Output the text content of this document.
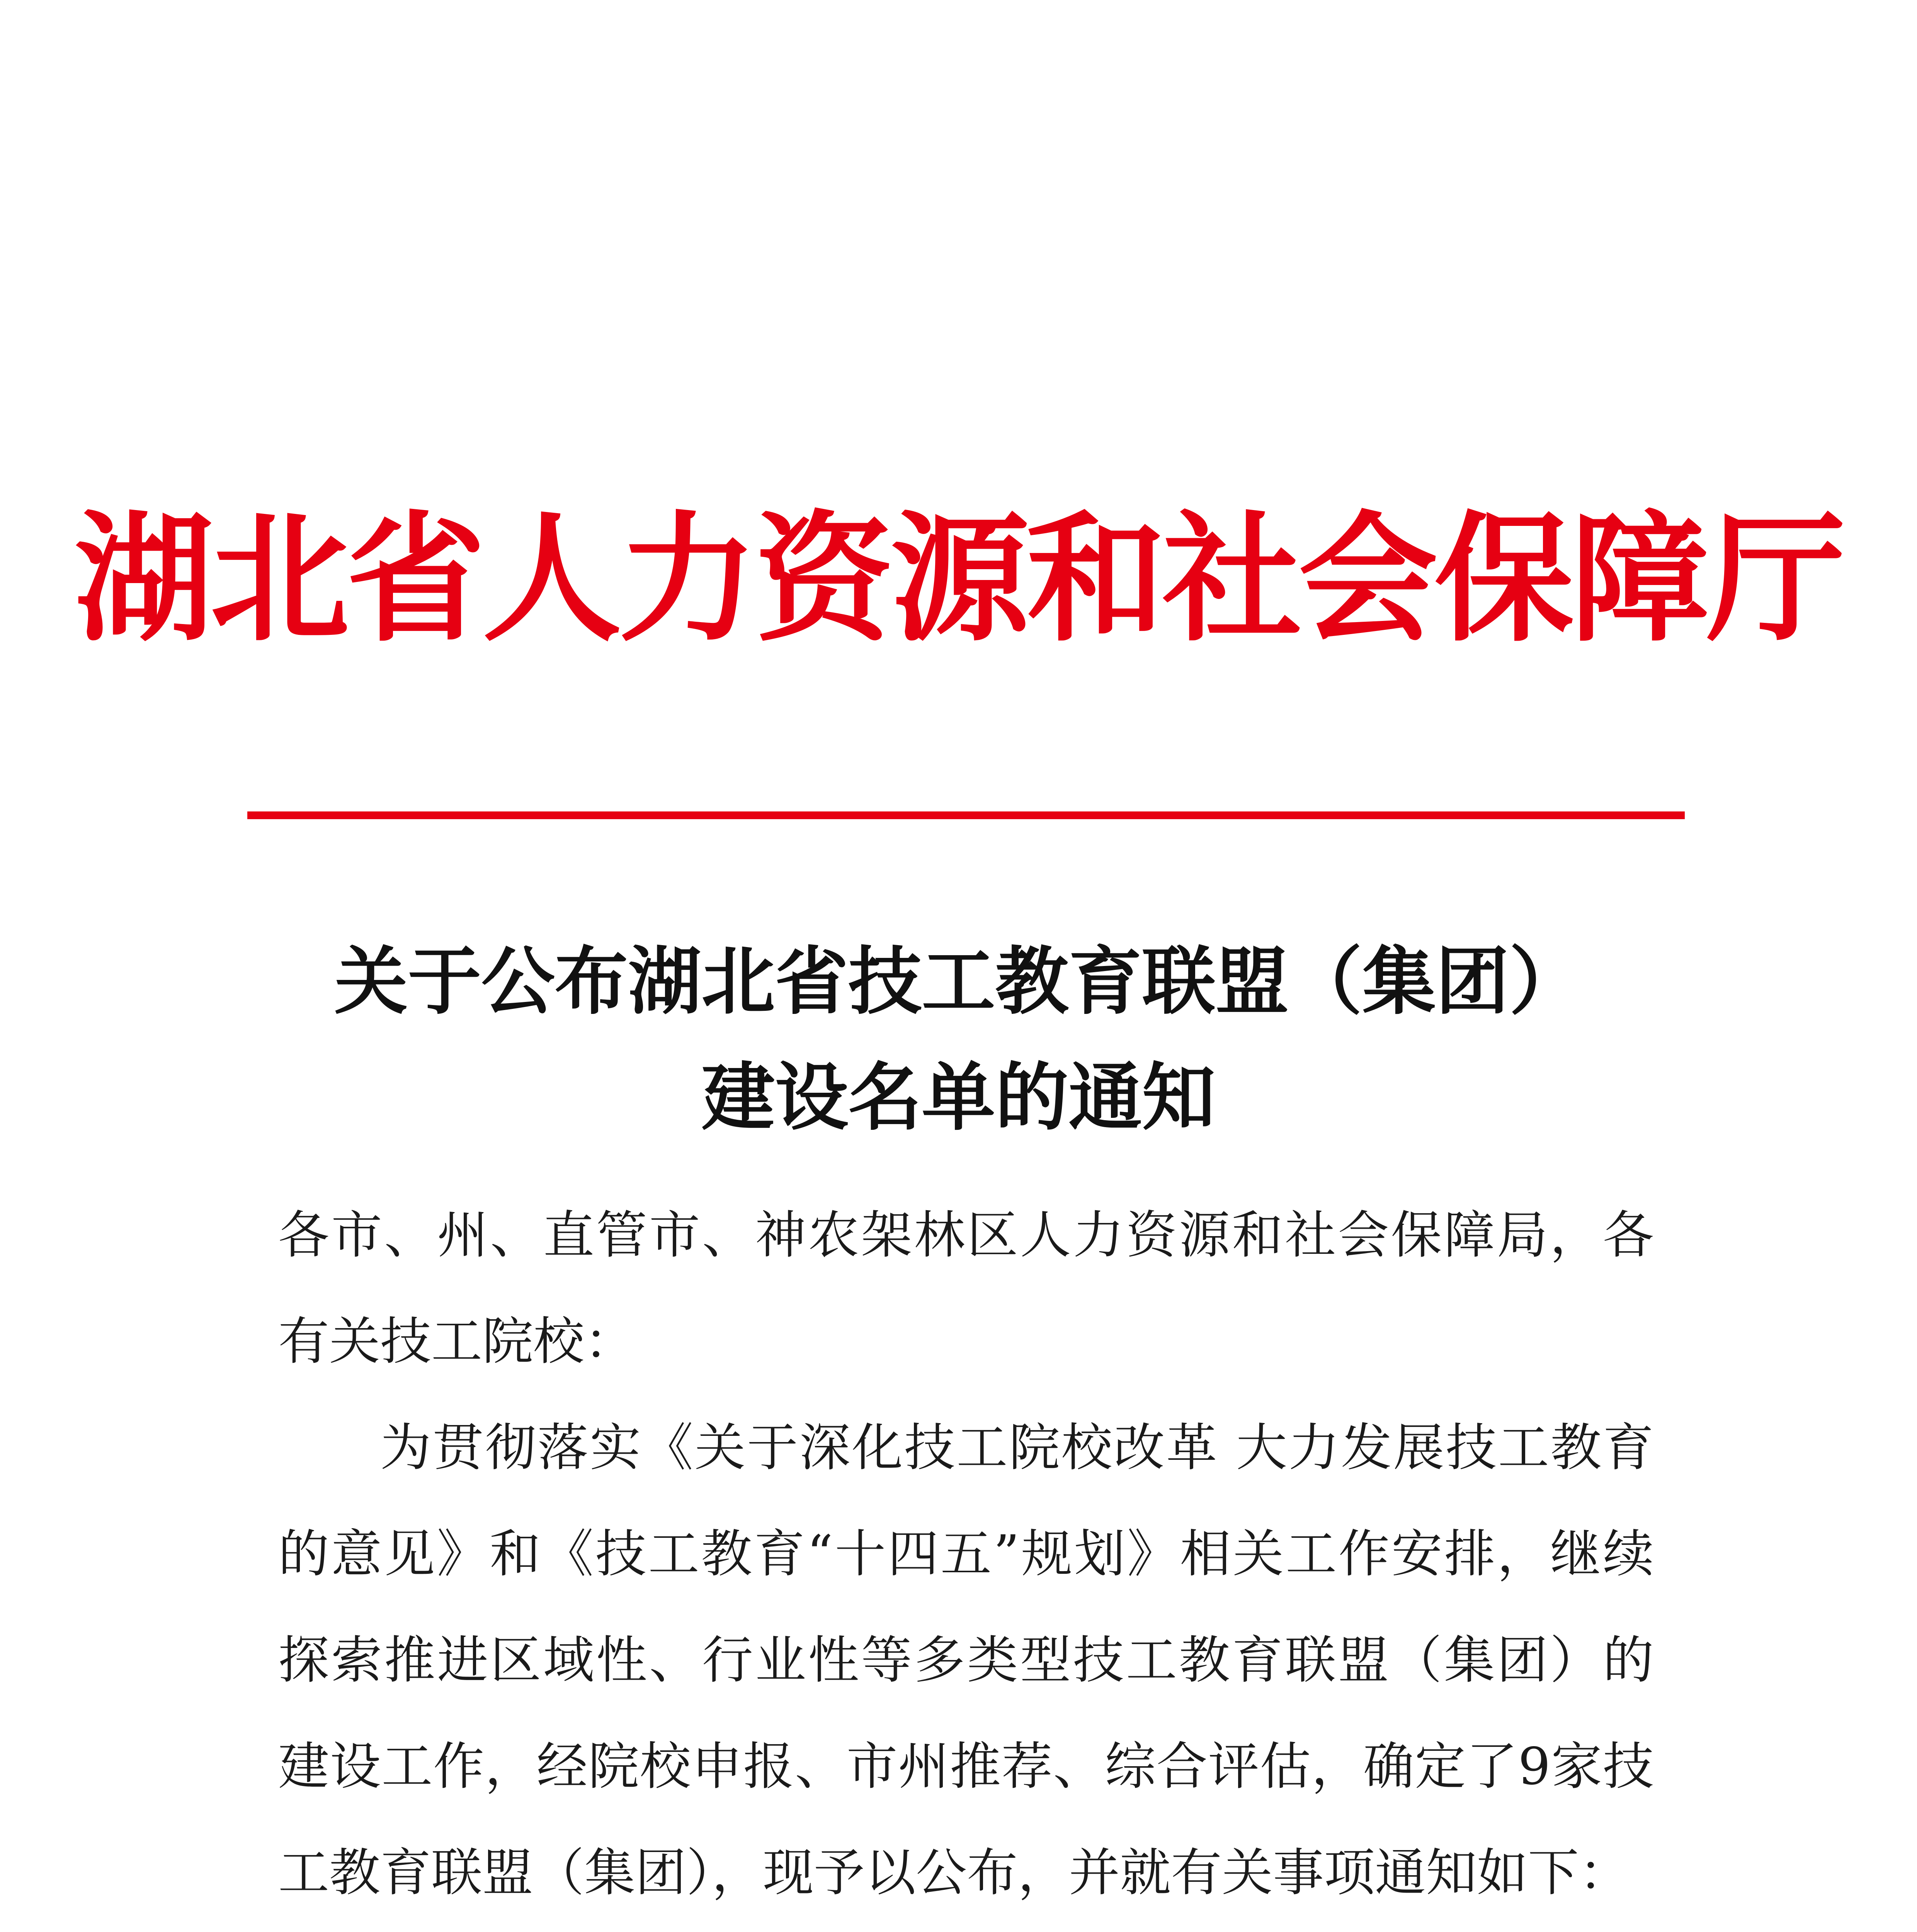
湖北省人力资源和社会保障厅
关于公布湖北省技工教育联盟（集团）
建设名单的通知

各市、州、直管市、神农架林区人力资源和社会保障局，各有关技工院校：

为贯彻落实《关于深化技工院校改革 大力发展技工教育的意见》和《技工教育“十四五”规划》相关工作安排，继续探索推进区域性、行业性等多类型技工教育联盟（集团）的建设工作，经院校申报、市州推荐、综合评估，确定了9家技工教育联盟（集团），现予以公布，并就有关事项通知如下：
